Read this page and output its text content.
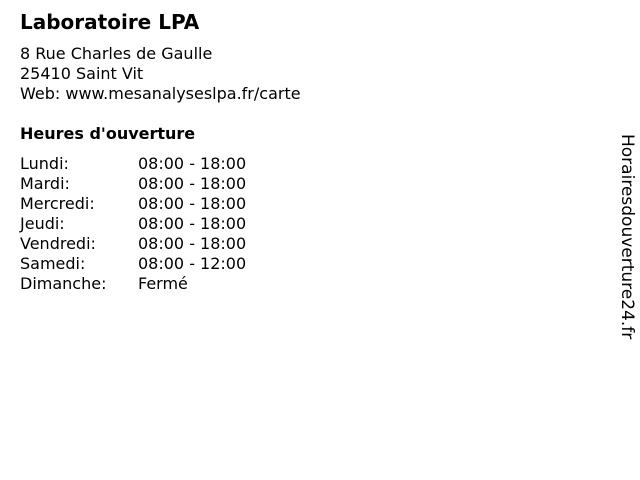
Laboratoire LPA
8 Rue Charles de Gaulle
25410 Saint Vit
Web: www.mesanalyseslpa.fr/carte
Heures d'ouverture
Lundi:	08:00 - 18:00
Mardi:	08:00 - 18:00
Mercredi:	08:00 - 18:00
Jeudi:	08:00 - 18:00
Vendredi:	08:00 - 18:00
Samedi:	08:00 - 12:00
Dimanche: Fermé	Horairesdouverture24.fr
